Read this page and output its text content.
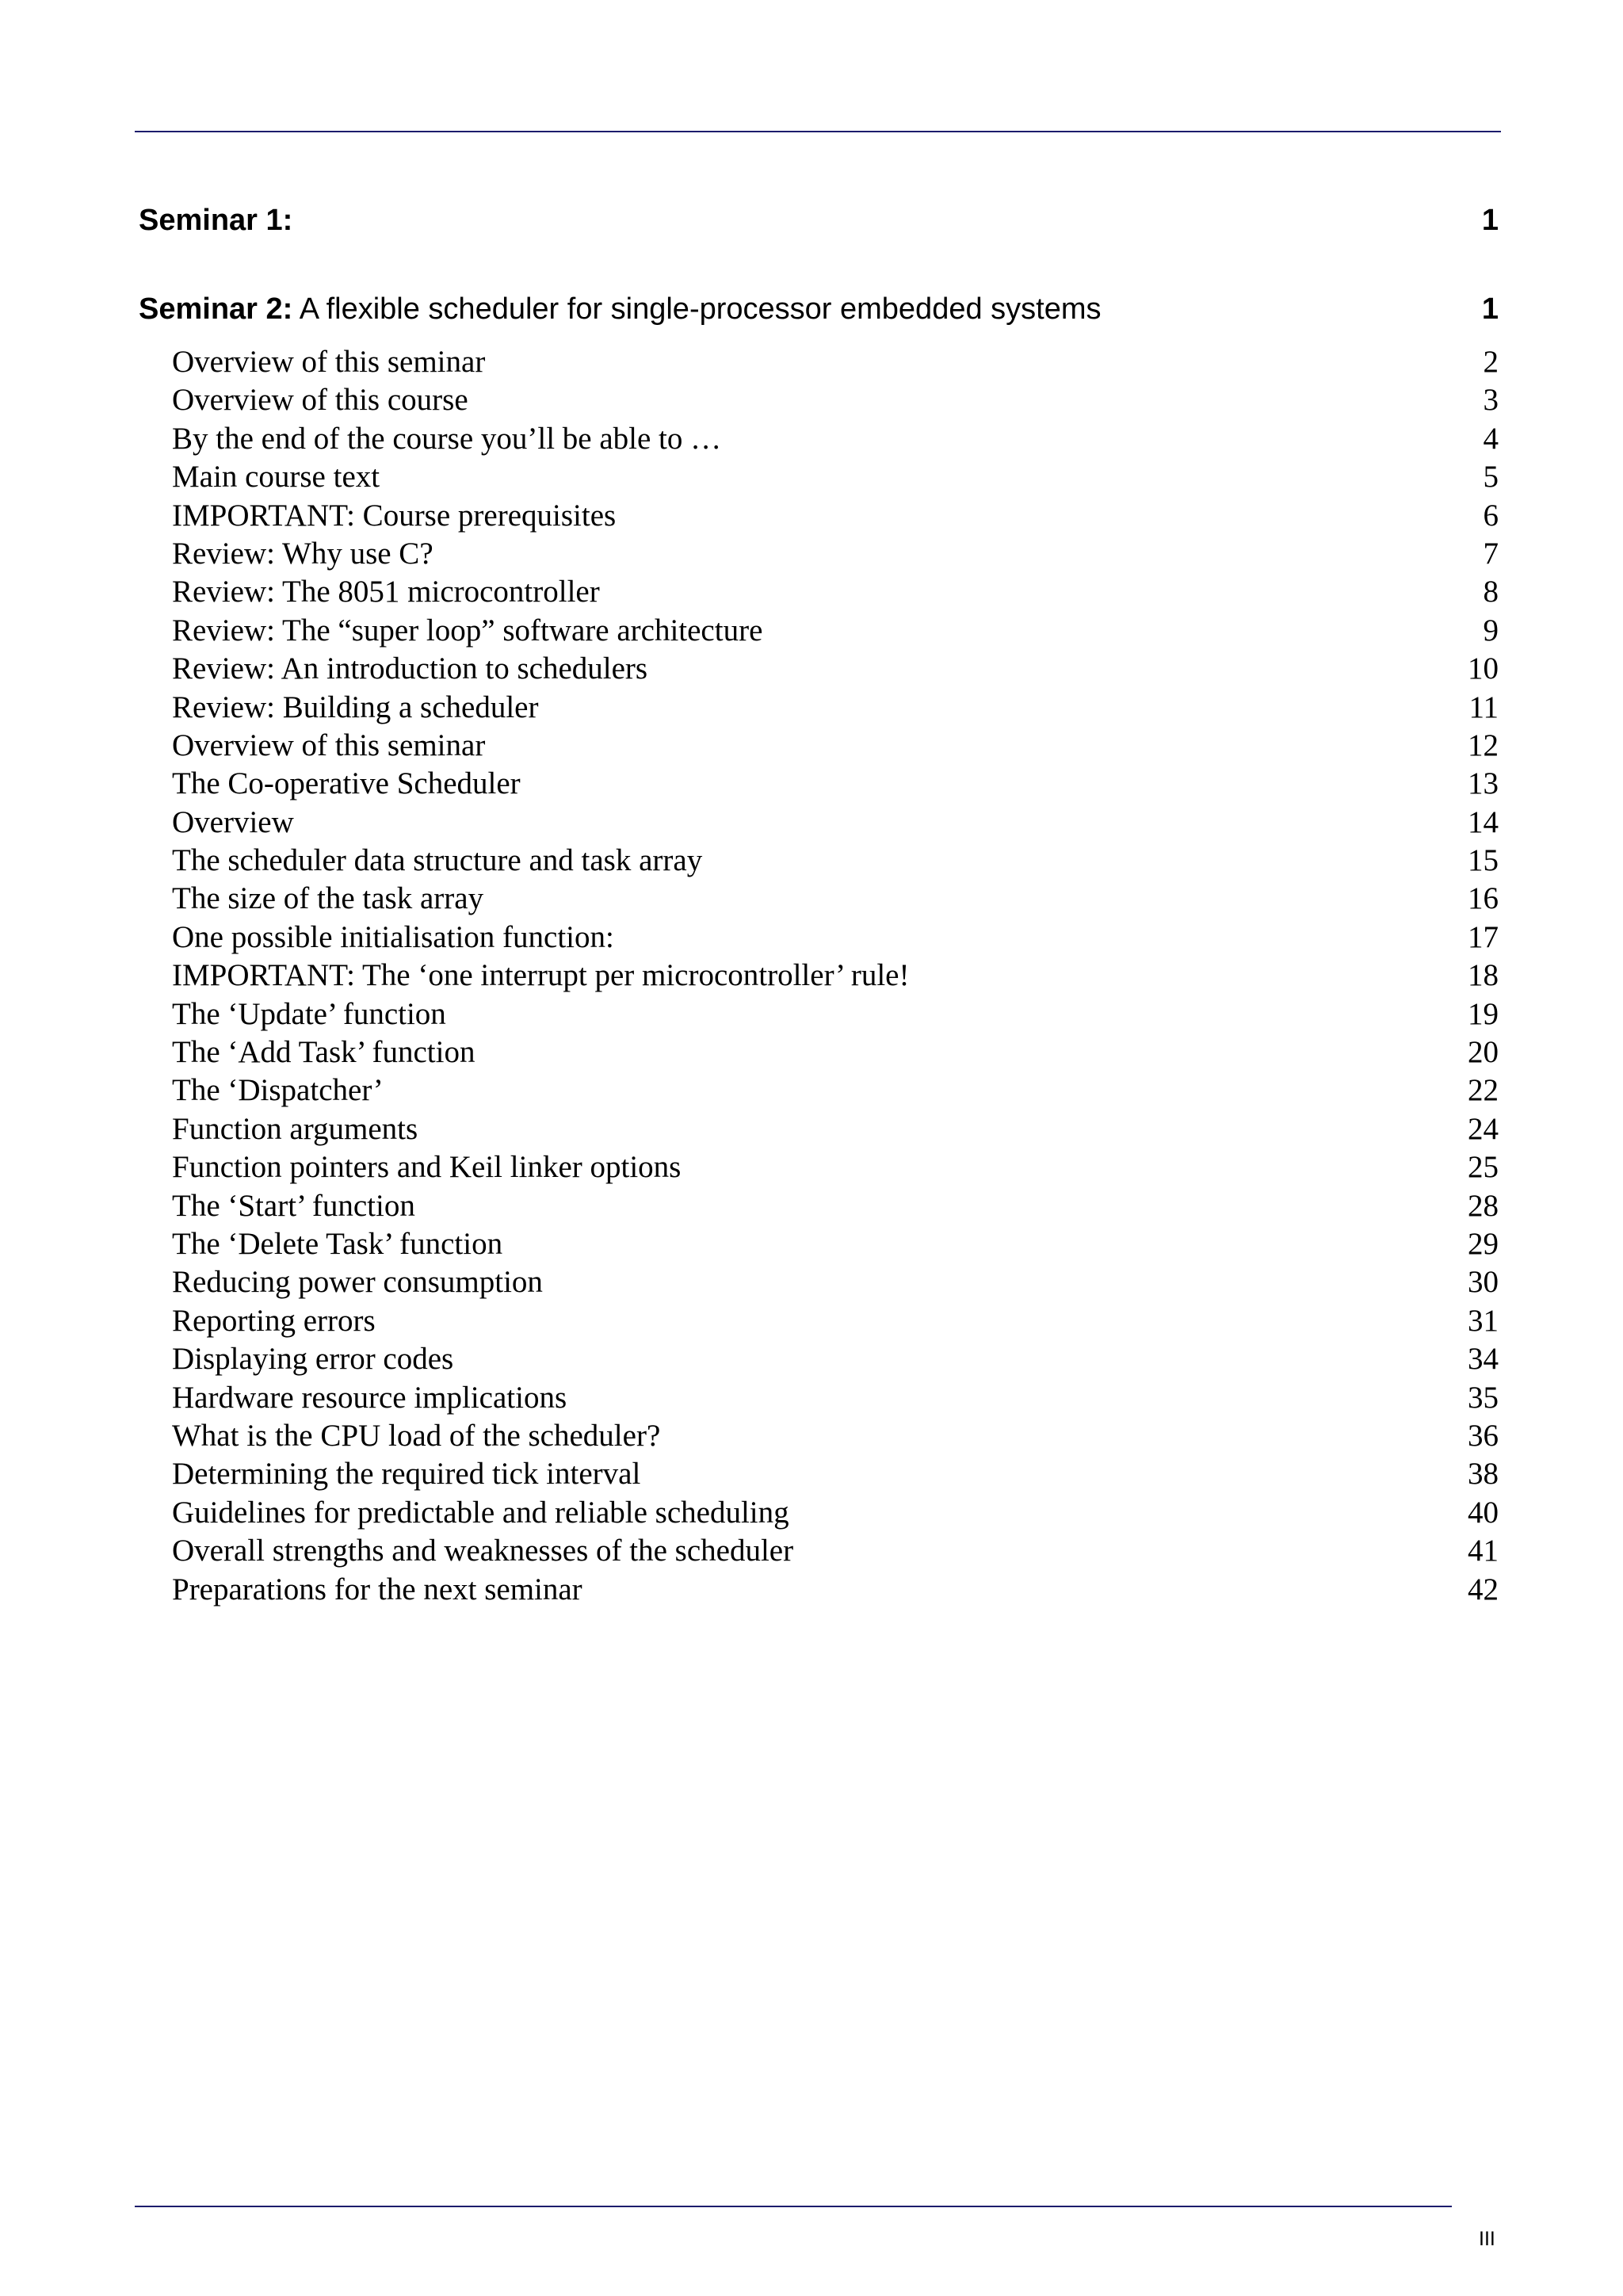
Seminar 1:	1
Seminar 2: A flexible scheduler for single-processor embedded systems	1
Overview of this seminar	2
Overview of this course	3
By the end of the course you’ll be able to …	4
Main course text	5
IMPORTANT: Course prerequisites	6
Review: Why use C?	7
Review: The 8051 microcontroller	8
Review: The “super loop” software architecture	9
Review: An introduction to schedulers	10
Review: Building a scheduler	11
Overview of this seminar	12
The Co-operative Scheduler	13
Overview	14
The scheduler data structure and task array	15
The size of the task array	16
One possible initialisation function:	17
IMPORTANT: The ‘one interrupt per microcontroller’ rule!	18
The ‘Update’ function	19
The ‘Add Task’ function	20
The ‘Dispatcher’	22
Function arguments	24
Function pointers and Keil linker options	25
The ‘Start’ function	28
The ‘Delete Task’ function	29
Reducing power consumption	30
Reporting errors	31
Displaying error codes	34
Hardware resource implications	35
What is the CPU load of the scheduler?	36
Determining the required tick interval	38
Guidelines for predictable and reliable scheduling	40
Overall strengths and weaknesses of the scheduler	41
Preparations for the next seminar	42
III
